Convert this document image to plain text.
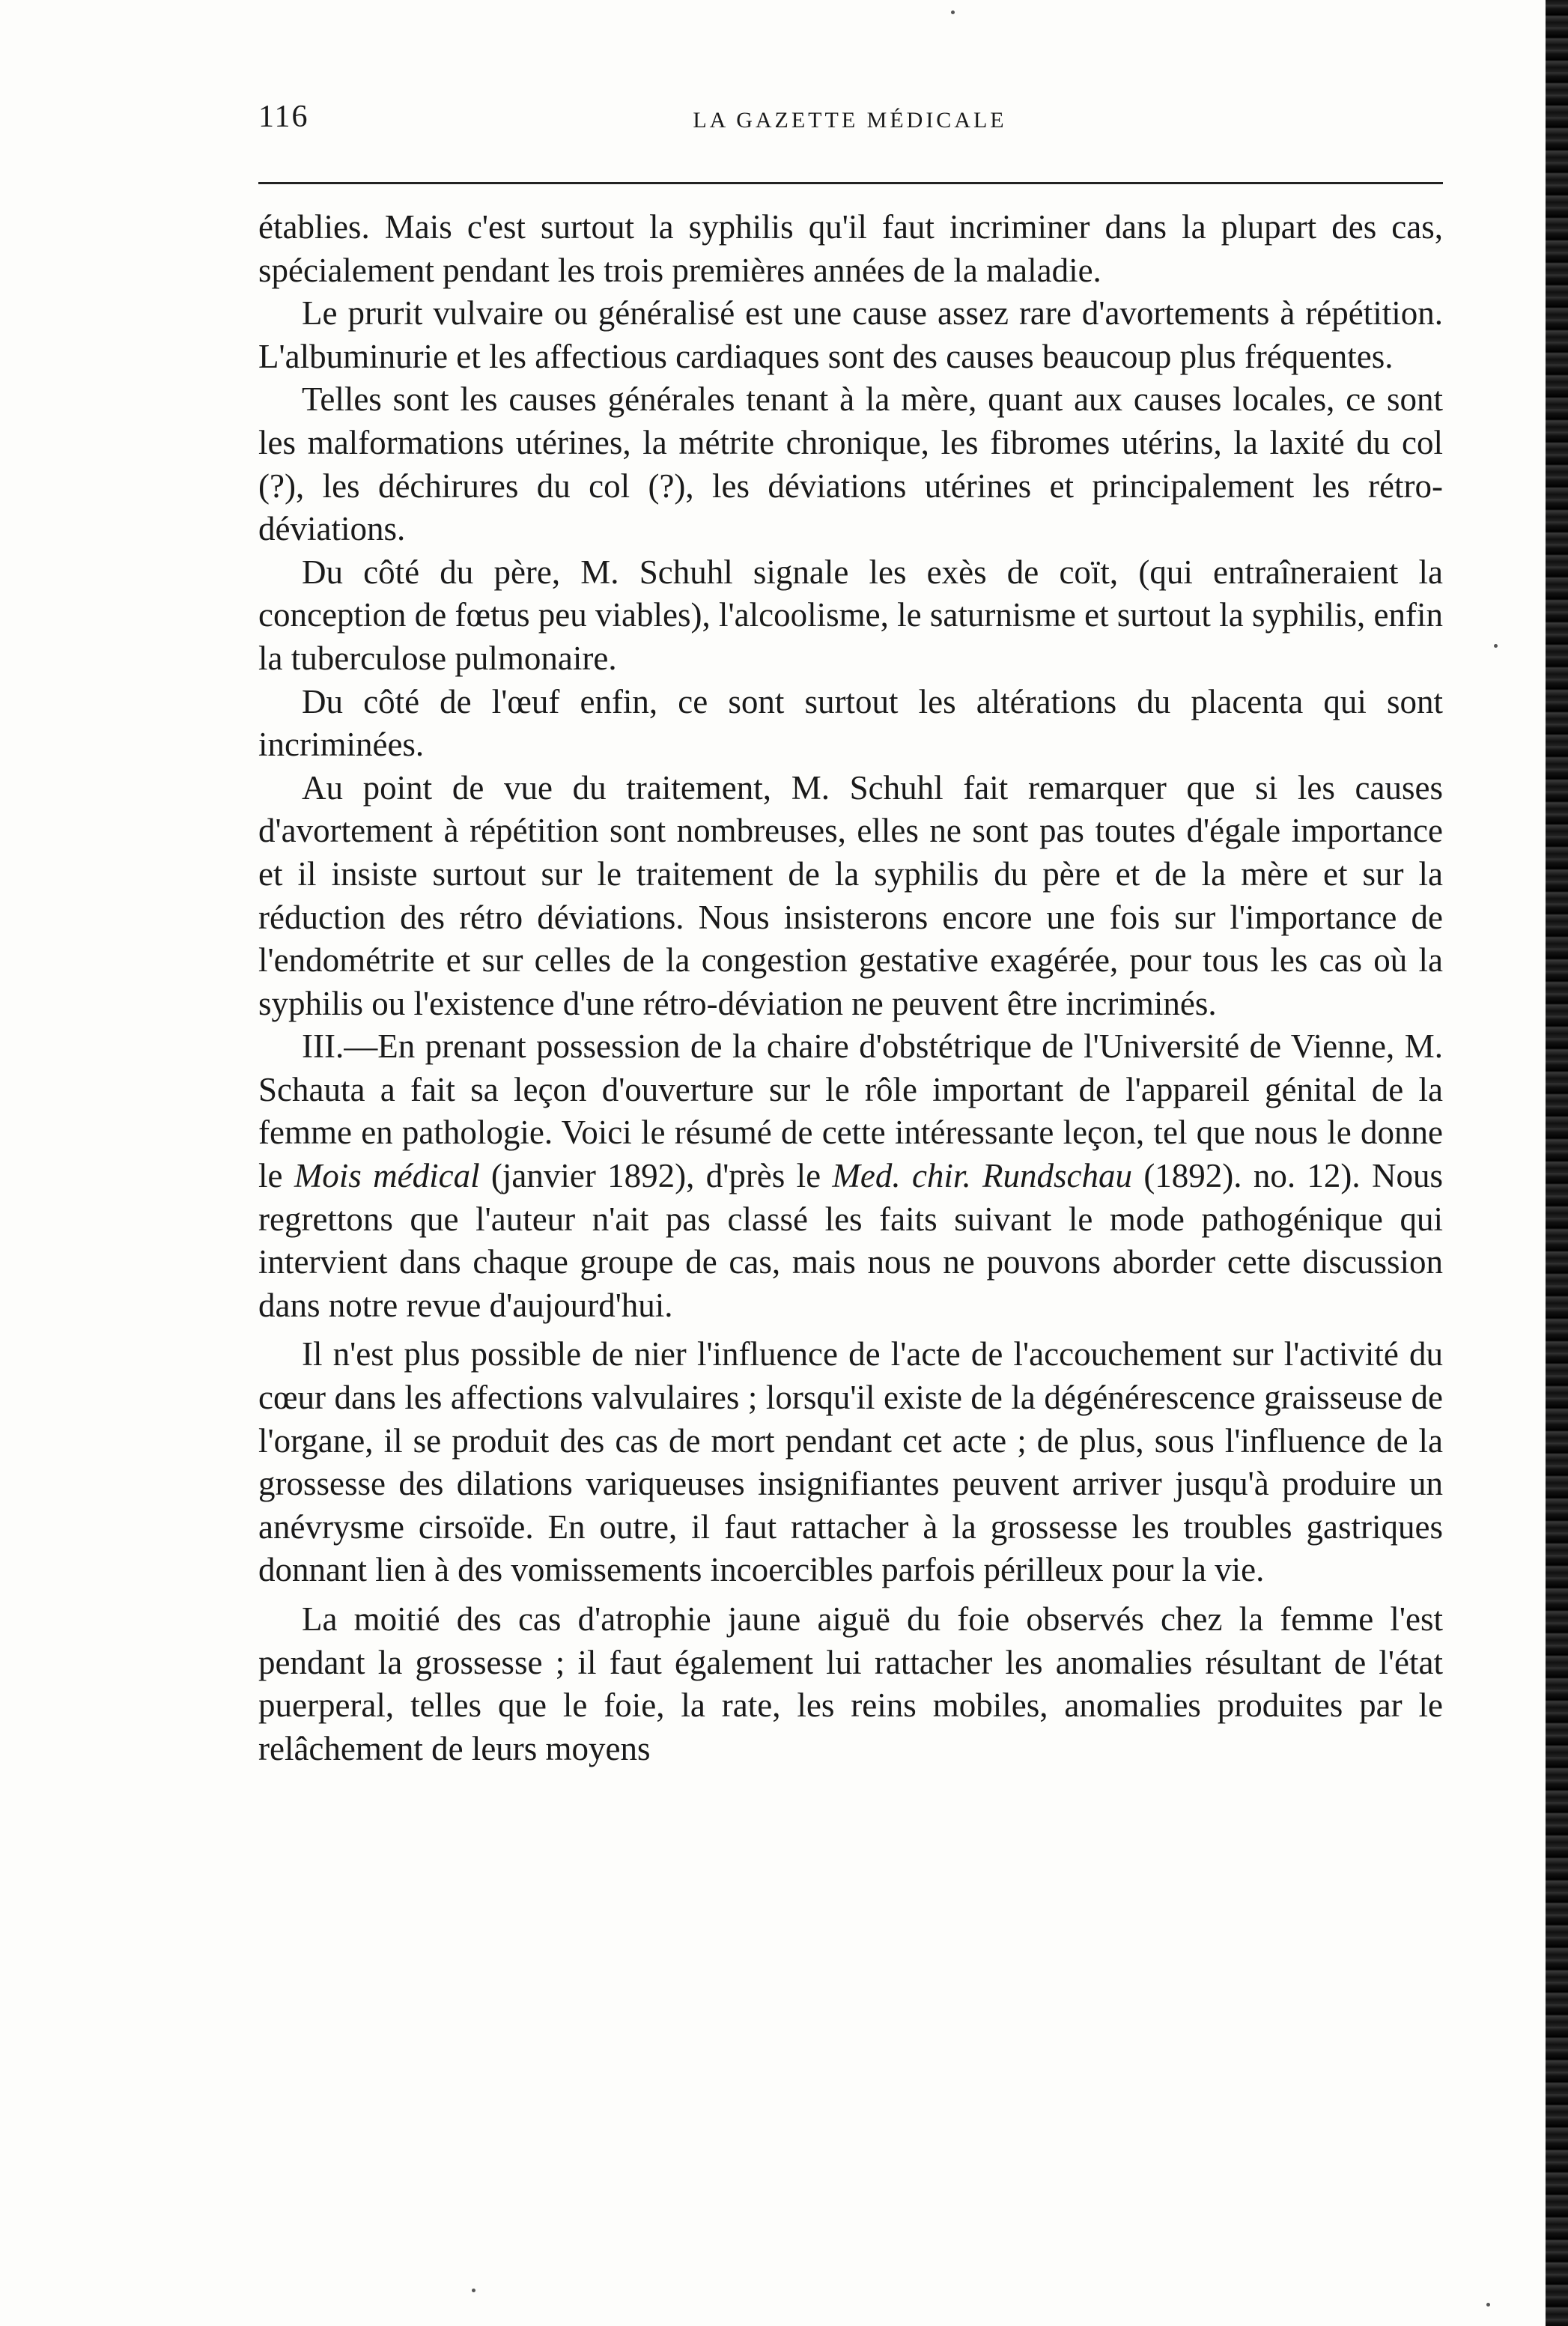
116	LA GAZETTE MÉDICALE

établies. Mais c'est surtout la syphilis qu'il faut incriminer dans la plupart des cas, spécialement pendant les trois premières années de la maladie.

Le prurit vulvaire ou généralisé est une cause assez rare d'avortements à répétition. L'albuminurie et les affectious cardiaques sont des causes beaucoup plus fréquentes.

Telles sont les causes générales tenant à la mère, quant aux causes locales, ce sont les malformations utérines, la métrite chronique, les fibromes utérins, la laxité du col (?), les déchirures du col (?), les déviations utérines et principalement les rétro-déviations.

Du côté du père, M. Schuhl signale les exès de coït, (qui entraîneraient la conception de fœtus peu viables), l'alcoolisme, le saturnisme et surtout la syphilis, enfin la tuberculose pulmonaire.

Du côté de l'œuf enfin, ce sont surtout les altérations du placenta qui sont incriminées.

Au point de vue du traitement, M. Schuhl fait remarquer que si les causes d'avortement à répétition sont nombreuses, elles ne sont pas toutes d'égale importance et il insiste surtout sur le traitement de la syphilis du père et de la mère et sur la réduction des rétro déviations. Nous insisterons encore une fois sur l'importance de l'endométrite et sur celles de la congestion gestative exagérée, pour tous les cas où la syphilis ou l'existence d'une rétro-déviation ne peuvent être incriminés.

III.—En prenant possession de la chaire d'obstétrique de l'Université de Vienne, M. Schauta a fait sa leçon d'ouverture sur le rôle important de l'appareil génital de la femme en pathologie. Voici le résumé de cette intéressante leçon, tel que nous le donne le Mois médical (janvier 1892), d'près le Med. chir. Rundschau (1892). no. 12). Nous regrettons que l'auteur n'ait pas classé les faits suivant le mode pathogénique qui intervient dans chaque groupe de cas, mais nous ne pouvons aborder cette discussion dans notre revue d'aujourd'hui.

Il n'est plus possible de nier l'influence de l'acte de l'accouchement sur l'activité du cœur dans les affections valvulaires ; lorsqu'il existe de la dégénérescence graisseuse de l'organe, il se produit des cas de mort pendant cet acte ; de plus, sous l'influence de la grossesse des dilations variqueuses insignifiantes peuvent arriver jusqu'à produire un anévrysme cirsoïde. En outre, il faut rattacher à la grossesse les troubles gastriques donnant lien à des vomissements incoercibles parfois périlleux pour la vie.

La moitié des cas d'atrophie jaune aiguë du foie observés chez la femme l'est pendant la grossesse ; il faut également lui rattacher les anomalies résultant de l'état puerperal, telles que le foie, la rate, les reins mobiles, anomalies produites par le relâchement de leurs moyens
